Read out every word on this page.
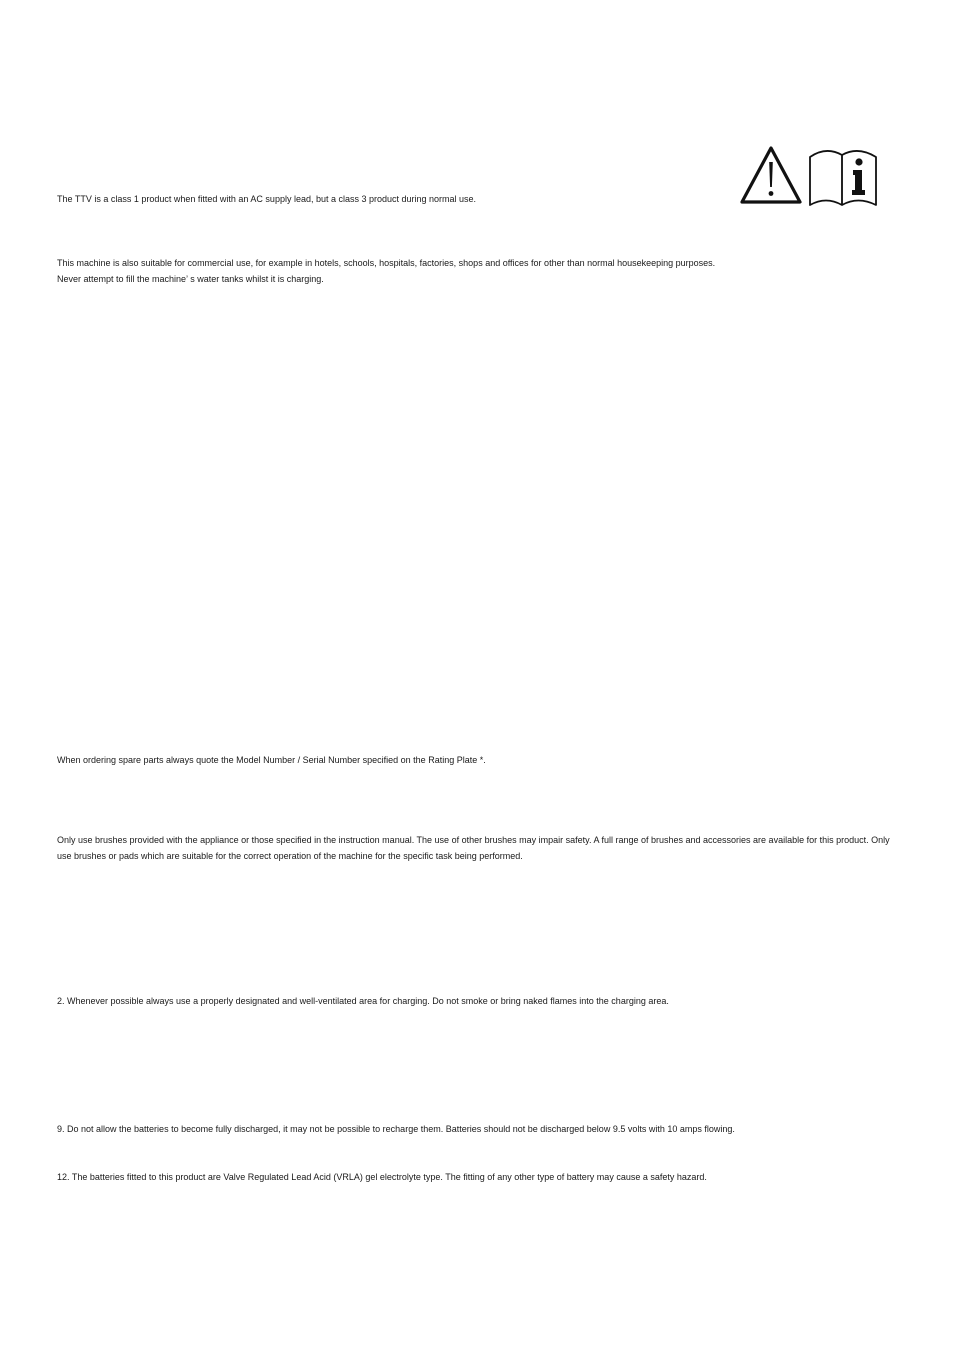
The TTV is a class 1 product when fitted with an AC supply lead, but a class 3 product during normal use.

This machine is also suitable for commercial use, for example in hotels, schools, hospitals, factories, shops and offices for other than normal housekeeping purposes.

Never attempt to fill the machine’ s water tanks whilst it is charging.

When ordering spare parts always quote the Model Number / Serial Number specified on the Rating Plate *.

Only use brushes provided with the appliance or those specified in the instruction manual. The use of other brushes may impair safety. A full range of brushes and accessories are available for this product. Only use brushes or pads which are suitable for the correct operation of the machine for the specific task being performed.

2. Whenever possible always use a properly designated and well-ventilated area for charging. Do not smoke or bring naked flames into the charging area.

9. Do not allow the batteries to become fully discharged, it may not be possible to recharge them. Batteries should not be discharged below 9.5 volts with 10 amps flowing.

12. The batteries fitted to this product are Valve Regulated Lead Acid (VRLA) gel electrolyte type. The fitting of any other type of battery may cause a safety hazard.
